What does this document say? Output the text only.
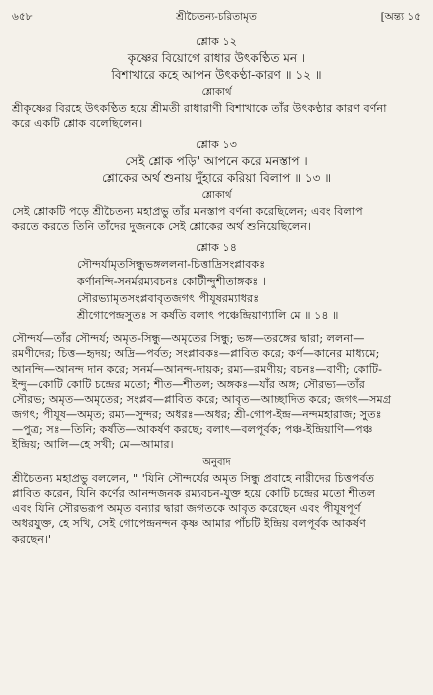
৬৫৮	শ্রীচৈতন্য-চরিতামৃত	[অন্ত্য ১৫
শ্লোক ১২
কৃষ্ণের বিয়োগে রাধার উৎকণ্ঠিত মন ।
বিশাখারে কহে আপন উৎকণ্ঠা-কারণ ॥ ১২ ॥
শ্লোকার্থ
শ্রীকৃষ্ণের বিরহে উৎকণ্ঠিত হয়ে শ্রীমতী রাধারাণী বিশাখাকে তাঁর উৎকণ্ঠার কারণ বর্ণনা
করে একটি শ্লোক বলেছিলেন।
শ্লোক ১৩
সেই শ্লোক পড়ি' আপনে করে মনস্তাপ ।
শ্লোকের অর্থ শুনায় দুঁহারে করিয়া বিলাপ ॥ ১৩ ॥
শ্লোকার্থ
সেই শ্লোকটি পড়ে শ্রীচৈতন্য মহাপ্রভু তাঁর মনস্তাপ বর্ণনা করেছিলেন; এবং বিলাপ
করতে করতে তিনি তাঁদের দুজনকে সেই শ্লোকের অর্থ শুনিয়েছিলেন।
শ্লোক ১৪
সৌন্দর্যামৃতসিন্ধুভঙ্গললনা-চিত্তাদ্রিসংপ্লাবকঃ
কর্ণানন্দি-সনর্মরম্যবচনঃ কোটীন্দুশীতাঙ্গকঃ ।
সৌরভ্যামৃতসংপ্লবাবৃতজগৎ পীযূষরম্যাধরঃ
শ্রীগোপেন্দ্রসুতঃ স কর্ষতি বলাৎ পঞ্চেন্দ্রিয়াণ্যালি মে ॥ ১৪ ॥
সৌন্দর্য—তাঁর সৌন্দর্য; অমৃত-সিন্ধু—অমৃতের সিন্ধু; ভঙ্গ—তরঙ্গের দ্বারা; ললনা—
রমণীদের; চিত্ত—হৃদয়; অদ্রি—পর্বত; সংপ্লাবকঃ—প্লাবিত করে; কর্ণ—কানের মাধ্যমে;
আনন্দি—আনন্দ দান করে; সনর্ম—আনন্দ-দায়ক; রম্য—রমণীয়; বচনঃ—বাণী; কোটি-
ইন্দু—কোটি কোটি চন্দ্রের মতো; শীত—শীতল; অঙ্গকঃ—যাঁর অঙ্গ; সৌরভ্য—তাঁর
সৌরভ; অমৃত—অমৃতের; সংপ্লব—প্লাবিত করে; আবৃত—আচ্ছাদিত করে; জগৎ—সমগ্র
জগৎ; পীযূষ—অমৃত; রম্য—সুন্দর; অধরঃ—অধর; শ্রী-গোপ-ইন্দ্র—নন্দমহারাজ; সুতঃ
—পুত্র; সঃ—তিনি; কর্ষতি—আকর্ষণ করছে; বলাৎ—বলপূর্বক; পঞ্চ-ইন্দ্রিয়াণি—পঞ্চ
ইন্দ্রিয়; আলি—হে সখী; মে—আমার।
অনুবাদ
শ্রীচৈতন্য মহাপ্রভু বললেন, " 'যিনি সৌন্দর্যের অমৃত সিন্ধু প্রবাহে নারীদের চিত্তপর্বত
প্লাবিত করেন, যিনি কর্ণের আনন্দজনক রম্যবচন-যুক্ত হয়ে কোটি চন্দ্রের মতো শীতল
এবং যিনি সৌরভরূপ অমৃত বন্যার দ্বারা জগতকে আবৃত করেছেন এবং পীযূষপূর্ণ
অধরযুক্ত, হে সখি, সেই গোপেন্দ্রনন্দন কৃষ্ণ আমার পাঁচটি ইন্দ্রিয় বলপূর্বক আকর্ষণ
করছেন।'
